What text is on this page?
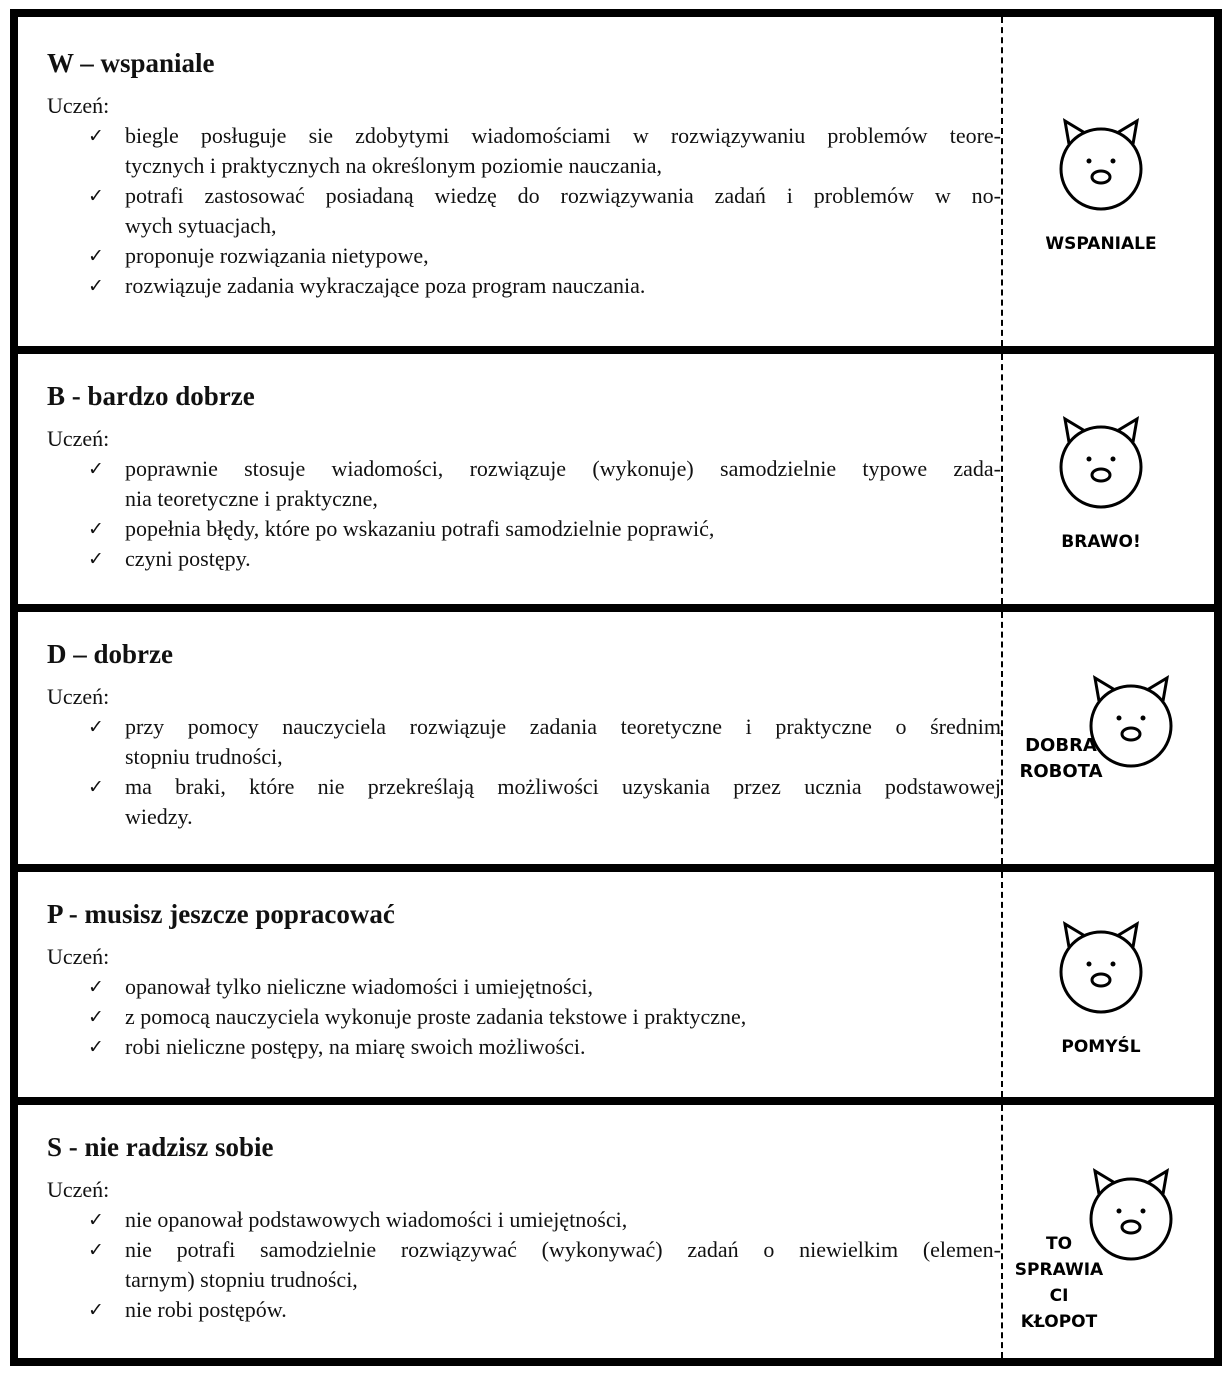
W – wspaniale
Uczeń:
✓ biegle posługuje sie zdobytymi wiadomościami w rozwiązywaniu problemów teore-
tycznych i praktycznych na określonym poziomie nauczania,
✓ potrafi zastosować posiadaną wiedzę do rozwiązywania zadań i problemów w no-
wych sytuacjach,
✓ proponuje rozwiązania nietypowe,
✓ rozwiązuje zadania wykraczające poza program nauczania.
WSPANIALE
B - bardzo dobrze
Uczeń:
✓ poprawnie stosuje wiadomości, rozwiązuje (wykonuje) samodzielnie typowe zada-
nia teoretyczne i praktyczne,
✓ popełnia błędy, które po wskazaniu potrafi samodzielnie poprawić,
✓ czyni postępy.
BRAWO!
D – dobrze
Uczeń:
✓ przy pomocy nauczyciela rozwiązuje zadania teoretyczne i praktyczne o średnim
stopniu trudności,
✓ ma braki, które nie przekreślają możliwości uzyskania przez ucznia podstawowej
wiedzy.
DOBRA
ROBOTA
P - musisz jeszcze popracować
Uczeń:
✓ opanował tylko nieliczne wiadomości i umiejętności,
✓ z pomocą nauczyciela wykonuje proste zadania tekstowe i praktyczne,
✓ robi nieliczne postępy, na miarę swoich możliwości.	POMYŚL
S - nie radzisz sobie
Uczeń:
✓ nie opanował podstawowych wiadomości i umiejętności,
✓ nie potrafi samodzielnie rozwiązywać (wykonywać) zadań o niewielkim (elemen-
tarnym) stopniu trudności,
✓ nie robi postępów.
TO
SPRAWIA
CI
KŁOPOT
